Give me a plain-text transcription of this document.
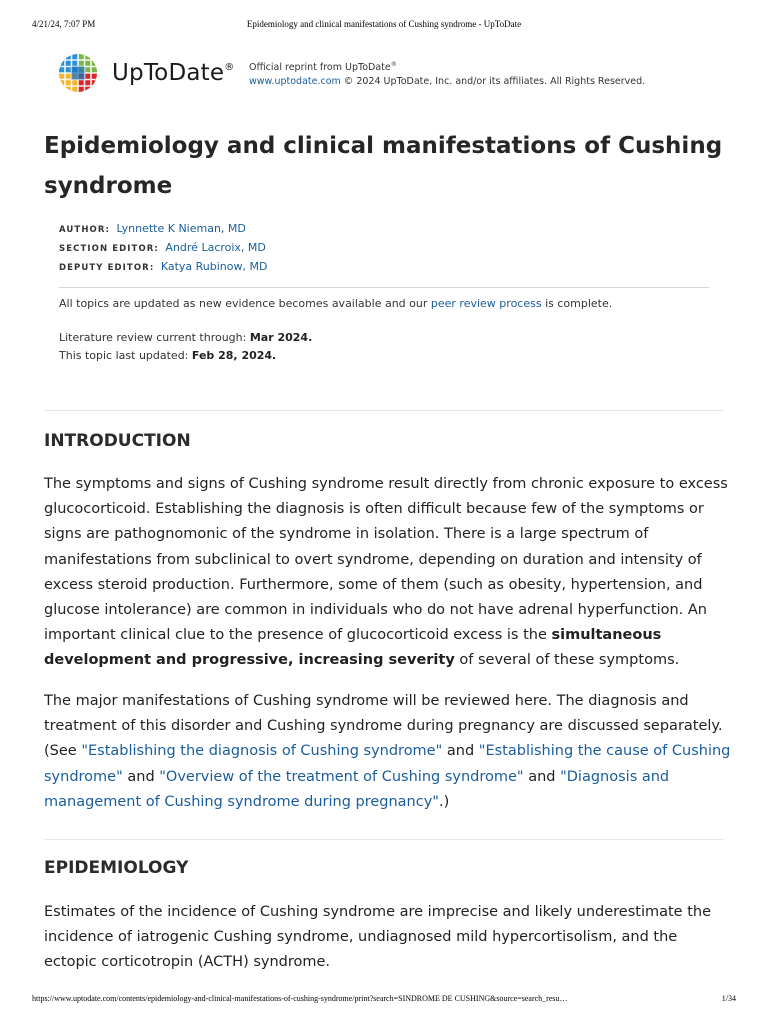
4/21/24, 7:07 PM	Epidemiology and clinical manifestations of Cushing syndrome - UpToDate
UpToDate® Official reprint from UpToDate®
www.uptodate.com © 2024 UpToDate, Inc. and/or its affiliates. All Rights Reserved.
Epidemiology and clinical manifestations of Cushing syndrome
AUTHOR: Lynnette K Nieman, MD
SECTION EDITOR: André Lacroix, MD
DEPUTY EDITOR: Katya Rubinow, MD
All topics are updated as new evidence becomes available and our peer review process is complete.
Literature review current through: Mar 2024.
This topic last updated: Feb 28, 2024.
INTRODUCTION

The symptoms and signs of Cushing syndrome result directly from chronic exposure to excess glucocorticoid. Establishing the diagnosis is often difficult because few of the symptoms or signs are pathognomonic of the syndrome in isolation. There is a large spectrum of manifestations from subclinical to overt syndrome, depending on duration and intensity of excess steroid production. Furthermore, some of them (such as obesity, hypertension, and glucose intolerance) are common in individuals who do not have adrenal hyperfunction. An important clinical clue to the presence of glucocorticoid excess is the simultaneous development and progressive, increasing severity of several of these symptoms.

The major manifestations of Cushing syndrome will be reviewed here. The diagnosis and treatment of this disorder and Cushing syndrome during pregnancy are discussed separately. (See "Establishing the diagnosis of Cushing syndrome" and "Establishing the cause of Cushing syndrome" and "Overview of the treatment of Cushing syndrome" and "Diagnosis and management of Cushing syndrome during pregnancy".)

EPIDEMIOLOGY

Estimates of the incidence of Cushing syndrome are imprecise and likely underestimate the incidence of iatrogenic Cushing syndrome, undiagnosed mild hypercortisolism, and the ectopic corticotropin (ACTH) syndrome.

https://www.uptodate.com/contents/epidemiology-and-clinical-manifestations-of-cushing-syndrome/print?search=SINDROME DE CUSHING&source=search_resu…	1/34
